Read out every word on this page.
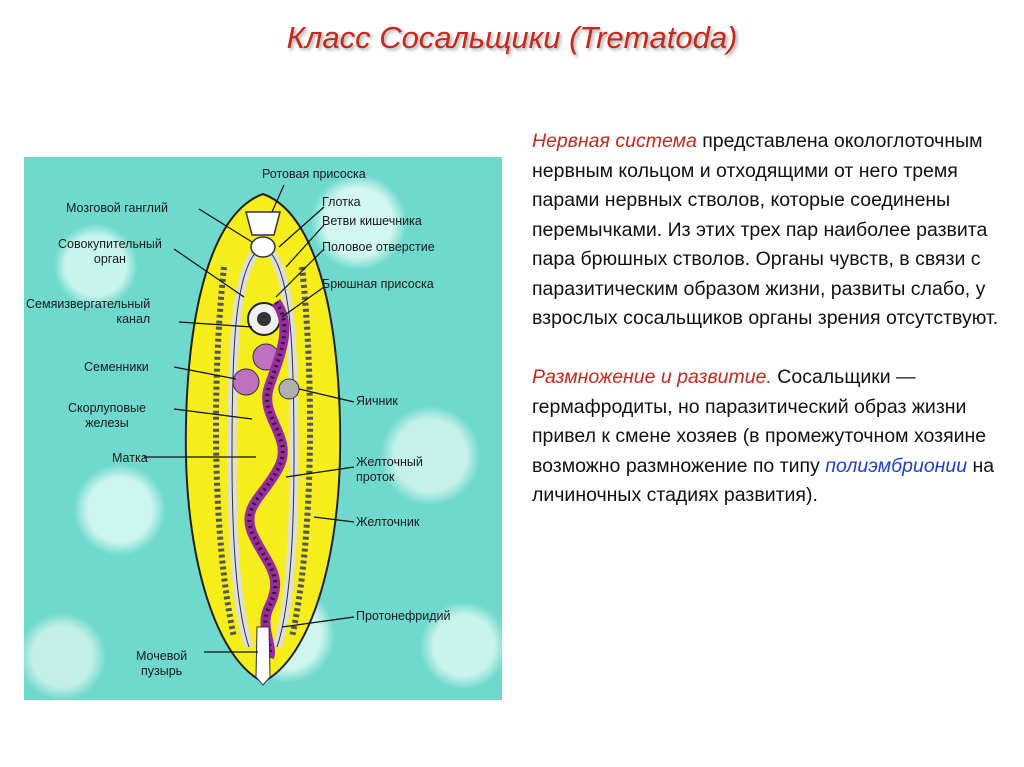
Класс Сосальщики (Trematoda)
Ротовая присоска
Глотка
Мозговой ганглий
Ветви кишечника
Совокупительный
орган
Половое отверстие
Брюшная присоска
Семяизвергательный
канал
Семенники
Яичник
Скорлуповые
железы
Матка	Желточный
проток
Желточник
Протонефридий
Мочевой
пузырь

Нервная система представлена окологлоточным нервным кольцом и отходящими от него тремя парами нервных стволов, которые соединены перемычками. Из этих трех пар наиболее развита пара брюшных стволов. Органы чувств, в связи с паразитическим образом жизни, развиты слабо, у взрослых сосальщиков органы зрения отсутствуют.

Размножение и развитие. Сосальщики — гермафродиты, но паразитический образ жизни привел к смене хозяев (в промежуточном хозяине возможно размножение по типу полиэмбрионии на личиночных стадиях развития).
